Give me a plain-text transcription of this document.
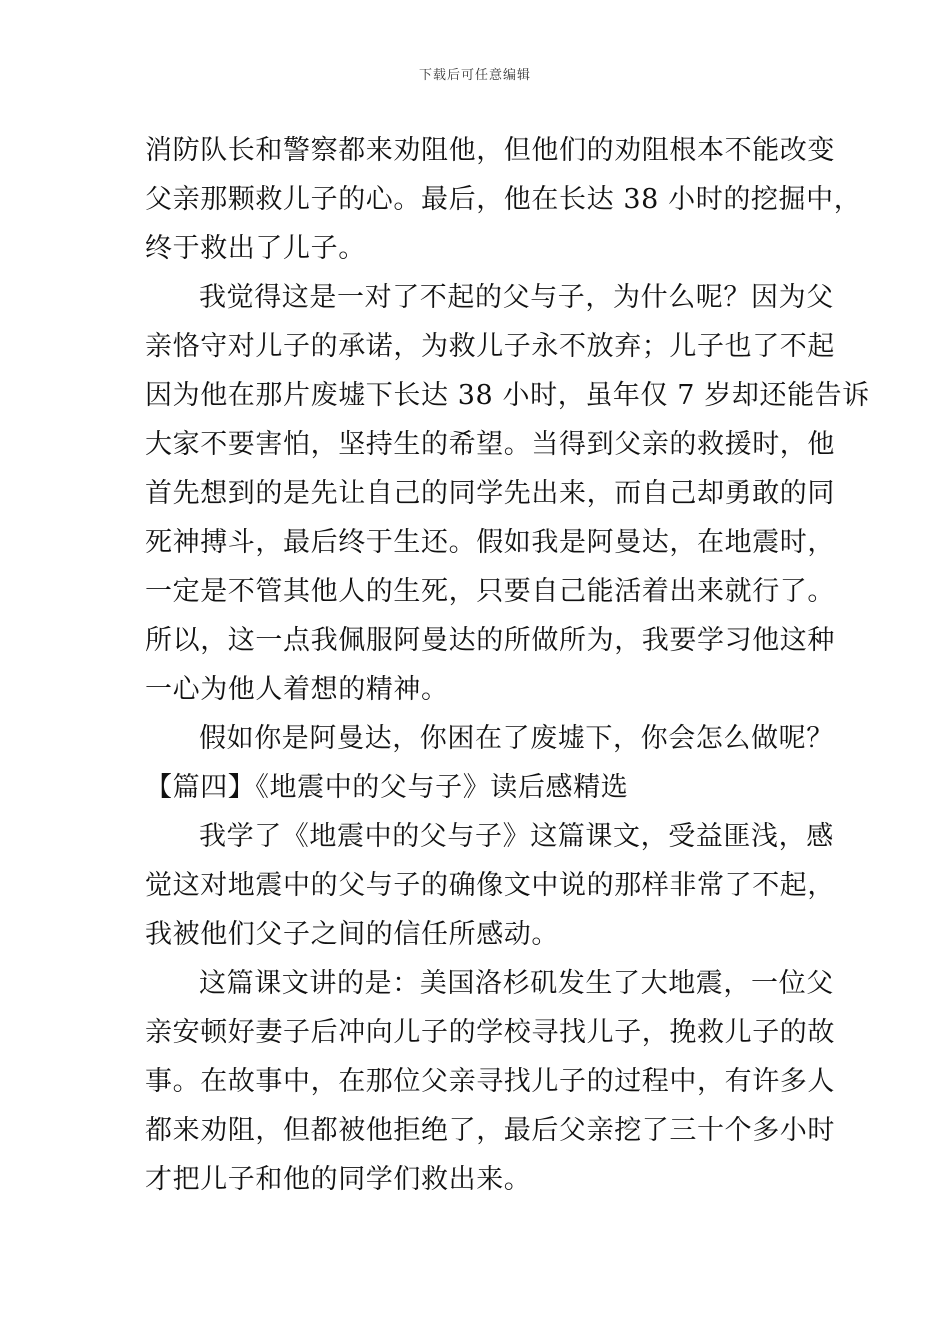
下载后可任意编辑
消防队长和警察都来劝阻他，但他们的劝阻根本不能改变
父亲那颗救儿子的心。最后，他在长达 38 小时的挖掘中，
终于救出了儿子。
我觉得这是一对了不起的父与子，为什么呢？因为父
亲恪守对儿子的承诺，为救儿子永不放弃；儿子也了不起
因为他在那片废墟下长达 38 小时，虽年仅 7 岁却还能告诉
大家不要害怕，坚持生的希望。当得到父亲的救援时，他
首先想到的是先让自己的同学先出来，而自己却勇敢的同
死神搏斗，最后终于生还。假如我是阿曼达，在地震时，
一定是不管其他人的生死，只要自己能活着出来就行了。
所以，这一点我佩服阿曼达的所做所为，我要学习他这种
一心为他人着想的精神。
假如你是阿曼达，你困在了废墟下，你会怎么做呢？
【篇四】《地震中的父与子》读后感精选
我学了《地震中的父与子》这篇课文，受益匪浅，感
觉这对地震中的父与子的确像文中说的那样非常了不起，
我被他们父子之间的信任所感动。
这篇课文讲的是：美国洛杉矶发生了大地震，一位父
亲安顿好妻子后冲向儿子的学校寻找儿子，挽救儿子的故
事。在故事中，在那位父亲寻找儿子的过程中，有许多人
都来劝阻，但都被他拒绝了，最后父亲挖了三十个多小时
才把儿子和他的同学们救出来。
